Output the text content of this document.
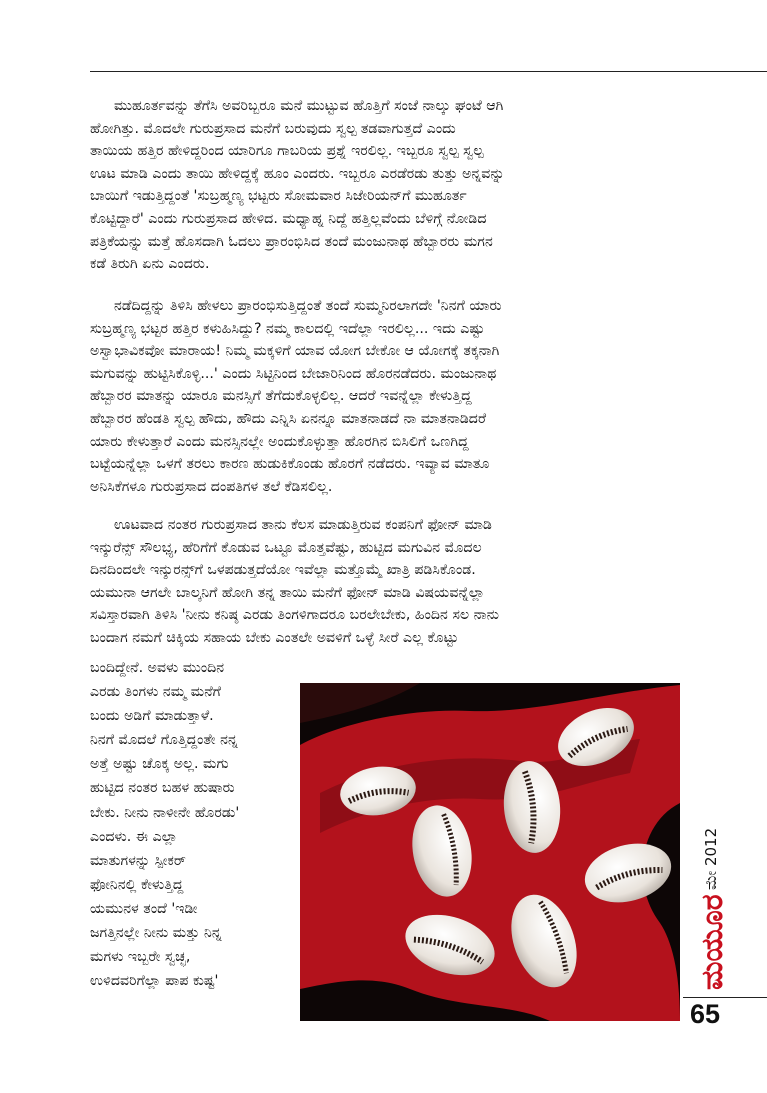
ಮುಹೂರ್ತವನ್ನು ತೆಗೆಸಿ ಅವರಿಬ್ಬರೂ ಮನೆ ಮುಟ್ಟುವ ಹೊತ್ತಿಗೆ ಸಂಜೆ ನಾಲ್ಕು ಘಂಟೆ ಆಗಿ
ಹೋಗಿತ್ತು. ಮೊದಲೇ ಗುರುಪ್ರಸಾದ ಮನೆಗೆ ಬರುವುದು ಸ್ವಲ್ಪ ತಡವಾಗುತ್ತದೆ ಎಂದು
ತಾಯಿಯ ಹತ್ತಿರ ಹೇಳಿದ್ದರಿಂದ ಯಾರಿಗೂ ಗಾಬರಿಯ ಪ್ರಶ್ನೆ ಇರಲಿಲ್ಲ. ಇಬ್ಬರೂ ಸ್ವಲ್ಪ ಸ್ವಲ್ಪ
ಊಟ ಮಾಡಿ ಎಂದು ತಾಯಿ ಹೇಳಿದ್ದಕ್ಕೆ ಹೂಂ ಎಂದರು. ಇಬ್ಬರೂ ಎರಡೆರಡು ತುತ್ತು ಅನ್ನವನ್ನು
ಬಾಯಿಗೆ ಇಡುತ್ತಿದ್ದಂತೆ 'ಸುಬ್ರಹ್ಮಣ್ಯ ಭಟ್ಟರು ಸೋಮವಾರ ಸಿಜೇರಿಯನ್‌ಗೆ ಮುಹೂರ್ತ
ಕೊಟ್ಟಿದ್ದಾರೆ' ಎಂದು ಗುರುಪ್ರಸಾದ ಹೇಳಿದ. ಮಧ್ಯಾಹ್ನ ನಿದ್ದೆ ಹತ್ತಿಲ್ಲವೆಂದು ಬೆಳಿಗ್ಗೆ ನೋಡಿದ
ಪತ್ರಿಕೆಯನ್ನು ಮತ್ತೆ ಹೊಸದಾಗಿ ಓದಲು ಪ್ರಾರಂಭಿಸಿದ ತಂದೆ ಮಂಜುನಾಥ ಹೆಬ್ಬಾರರು ಮಗನ
ಕಡೆ ತಿರುಗಿ ಏನು ಎಂದರು.

ನಡೆದಿದ್ದನ್ನು ತಿಳಿಸಿ ಹೇಳಲು ಪ್ರಾರಂಭಿಸುತ್ತಿದ್ದಂತೆ ತಂದೆ ಸುಮ್ಮನಿರಲಾಗದೇ 'ನಿನಗೆ ಯಾರು
ಸುಬ್ರಹ್ಮಣ್ಯ ಭಟ್ಟರ ಹತ್ತಿರ ಕಳುಹಿಸಿದ್ದು? ನಮ್ಮ ಕಾಲದಲ್ಲಿ ಇದೆಲ್ಲಾ ಇರಲಿಲ್ಲ... ಇದು ಎಷ್ಟು
ಅಸ್ವಾಭಾವಿಕವೋ ಮಾರಾಯ! ನಿಮ್ಮ ಮಕ್ಕಳಿಗೆ ಯಾವ ಯೋಗ ಬೇಕೋ ಆ ಯೋಗಕ್ಕೆ ತಕ್ಕನಾಗಿ
ಮಗುವನ್ನು ಹುಟ್ಟಿಸಿಕೊಳ್ಳಿ...' ಎಂದು ಸಿಟ್ಟಿನಿಂದ ಬೇಜಾರಿನಿಂದ ಹೊರನಡೆದರು. ಮಂಜುನಾಥ
ಹೆಬ್ಬಾರರ ಮಾತನ್ನು ಯಾರೂ ಮನಸ್ಸಿಗೆ ತೆಗೆದುಕೊಳ್ಳಲಿಲ್ಲ. ಆದರೆ ಇವನ್ನೆಲ್ಲಾ ಕೇಳುತ್ತಿದ್ದ
ಹೆಬ್ಬಾರರ ಹೆಂಡತಿ ಸ್ವಲ್ಪ ಹೌದು, ಹೌದು ಎನ್ನಿಸಿ ಏನನ್ನೂ ಮಾತನಾಡದೆ ನಾ ಮಾತನಾಡಿದರೆ
ಯಾರು ಕೇಳುತ್ತಾರೆ ಎಂದು ಮನಸ್ಸಿನಲ್ಲೇ ಅಂದುಕೊಳ್ಳುತ್ತಾ ಹೊರಗಿನ ಬಿಸಿಲಿಗೆ ಒಣಗಿದ್ದ
ಬಟ್ಟೆಯನ್ನೆಲ್ಲಾ ಒಳಗೆ ತರಲು ಕಾರಣ ಹುಡುಕಿಕೊಂಡು ಹೊರಗೆ ನಡೆದರು. ಇವ್ಯಾವ ಮಾತೂ
ಅನಿಸಿಕೆಗಳೂ ಗುರುಪ್ರಸಾದ ದಂಪತಿಗಳ ತಲೆ ಕೆಡಿಸಲಿಲ್ಲ.

ಊಟವಾದ ನಂತರ ಗುರುಪ್ರಸಾದ ತಾನು ಕೆಲಸ ಮಾಡುತ್ತಿರುವ ಕಂಪನಿಗೆ ಫೋನ್ ಮಾಡಿ
ಇನ್ಶುರೆನ್ಸ್ ಸೌಲಭ್ಯ, ಹೆರಿಗೆಗೆ ಕೊಡುವ ಒಟ್ಟೂ ಮೊತ್ತವೆಷ್ಟು, ಹುಟ್ಟಿದ ಮಗುವಿನ ಮೊದಲ
ದಿನದಿಂದಲೇ ಇನ್ಶುರನ್ಸ್‌ಗೆ ಒಳಪಡುತ್ತದೆಯೋ ಇವೆಲ್ಲಾ ಮತ್ತೊಮ್ಮೆ ಖಾತ್ರಿ ಪಡಿಸಿಕೊಂಡ.
ಯಮುನಾ ಆಗಲೇ ಬಾಲ್ಕನಿಗೆ ಹೋಗಿ ತನ್ನ ತಾಯಿ ಮನೆಗೆ ಫೋನ್ ಮಾಡಿ ವಿಷಯವನ್ನೆಲ್ಲಾ
ಸವಿಸ್ತಾರವಾಗಿ ತಿಳಿಸಿ 'ನೀನು ಕನಿಷ್ಠ ಎರಡು ತಿಂಗಳಿಗಾದರೂ ಬರಲೇಬೇಕು, ಹಿಂದಿನ ಸಲ ನಾನು
ಬಂದಾಗ ನಮಗೆ ಚಿಕ್ಕಿಯ ಸಹಾಯ ಬೇಕು ಎಂತಲೇ ಅವಳಿಗೆ ಒಳ್ಳೆ ಸೀರೆ ಎಲ್ಲ ಕೊಟ್ಟು

ಬಂದಿದ್ದೇನೆ. ಅವಳು ಮುಂದಿನ
ಎರಡು ತಿಂಗಳು ನಮ್ಮ ಮನೆಗೆ
ಬಂದು ಅಡಿಗೆ ಮಾಡುತ್ತಾಳೆ.
ನಿನಗೆ ಮೊದಲೆ ಗೊತ್ತಿದ್ದಂತೇ ನನ್ನ
ಅತ್ತೆ ಅಷ್ಟು ಚೊಕ್ಕ ಅಲ್ಲ. ಮಗು
ಹುಟ್ಟಿದ ನಂತರ ಬಹಳ ಹುಷಾರು
ಬೇಕು. ನೀನು ನಾಳೀನೇ ಹೊರಡು'
ಎಂದಳು. ಈ ಎಲ್ಲಾ
ಮಾತುಗಳನ್ನು ಸ್ಪೀಕರ್
ಫೋನಿನಲ್ಲಿ ಕೇಳುತ್ತಿದ್ದ
ಯಮುನಳ ತಂದೆ 'ಇಡೀ
ಜಗತ್ತಿನಲ್ಲೇ ನೀನು ಮತ್ತು ನಿನ್ನ
ಮಗಳು ಇಬ್ಬರೇ ಸ್ವಚ್ಛ,
ಉಳಿದವರಿಗೆಲ್ಲಾ ಪಾಪ ಕುಷ್ಟ'

ಮೇ 2012
ಮಯೂರ
65
